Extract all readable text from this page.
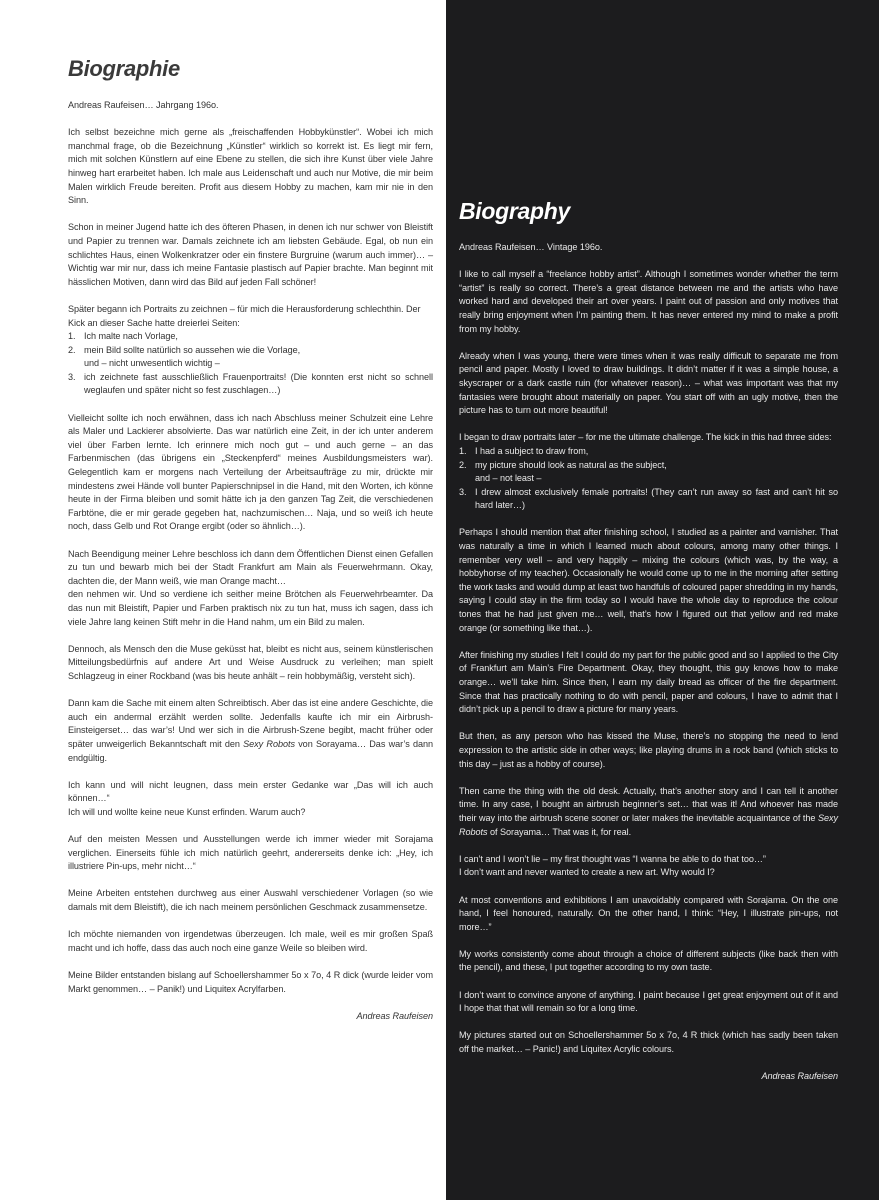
Biographie

Andreas Raufeisen… Jahrgang 196o.

Ich selbst bezeichne mich gerne als „freischaffenden Hobbykünstler“. Wobei ich mich manchmal frage, ob die Bezeichnung „Künstler“ wirklich so korrekt ist. Es liegt mir fern, mich mit solchen Künstlern auf eine Ebene zu stellen, die sich ihre Kunst über viele Jahre hinweg hart erarbeitet haben. Ich male aus Leidenschaft und auch nur Motive, die mir beim Malen wirklich Freude bereiten. Profit aus diesem Hobby zu machen, kam mir nie in den Sinn.

Schon in meiner Jugend hatte ich des öfteren Phasen, in denen ich nur schwer von Bleistift und Papier zu trennen war. Damals zeichnete ich am liebsten Gebäude. Egal, ob nun ein schlichtes Haus, einen Wolkenkratzer oder ein finstere Burgruine (warum auch immer)… – Wichtig war mir nur, dass ich meine Fantasie plastisch auf Papier brachte. Man beginnt mit hässlichen Motiven, dann wird das Bild auf jeden Fall schöner!

Später begann ich Portraits zu zeichnen – für mich die Herausforderung schlechthin. Der Kick an dieser Sache hatte dreierlei Seiten:

1. Ich malte nach Vorlage,
2. mein Bild sollte natürlich so aussehen wie die Vorlage,
und – nicht unwesentlich wichtig –
3. ich zeichnete fast ausschließlich Frauenportraits! (Die konnten erst nicht so schnell weglaufen und später nicht so fest zuschlagen…)

Vielleicht sollte ich noch erwähnen, dass ich nach Abschluss meiner Schulzeit eine Lehre als Maler und Lackierer absolvierte. Das war natürlich eine Zeit, in der ich unter anderem viel über Farben lernte. Ich erinnere mich noch gut – und auch gerne – an das Farbenmischen (das übrigens ein „Steckenpferd“ meines Ausbildungsmeisters war). Gelegentlich kam er morgens nach Verteilung der Arbeitsaufträge zu mir, drückte mir mindestens zwei Hände voll bunter Papierschnipsel in die Hand, mit den Worten, ich könne heute in der Firma bleiben und somit hätte ich ja den ganzen Tag Zeit, die verschiedenen Farbtöne, die er mir gerade gegeben hat, nachzumischen… Naja, und so weiß ich heute noch, dass Gelb und Rot Orange ergibt (oder so ähnlich…).

Nach Beendigung meiner Lehre beschloss ich dann dem Öffentlichen Dienst einen Gefallen zu tun und bewarb mich bei der Stadt Frankfurt am Main als Feuerwehrmann. Okay, dachten die, der Mann weiß, wie man Orange macht…
den nehmen wir. Und so verdiene ich seither meine Brötchen als Feuerwehrbeamter. Da das nun mit Bleistift, Papier und Farben praktisch nix zu tun hat, muss ich sagen, dass ich viele Jahre lang keinen Stift mehr in die Hand nahm, um ein Bild zu malen.

Dennoch, als Mensch den die Muse geküsst hat, bleibt es nicht aus, seinem künstlerischen Mitteilungsbedürfnis auf andere Art und Weise Ausdruck zu verleihen; man spielt Schlagzeug in einer Rockband (was bis heute anhält – rein hobbymäßig, versteht sich).

Dann kam die Sache mit einem alten Schreibtisch. Aber das ist eine andere Geschichte, die auch ein andermal erzählt werden sollte. Jedenfalls kaufte ich mir ein Airbrush-Einsteigerset… das war’s! Und wer sich in die Airbrush-Szene begibt, macht früher oder später unweigerlich Bekanntschaft mit den Sexy Robots von Sorayama… Das war’s dann endgültig.

Ich kann und will nicht leugnen, dass mein erster Gedanke war „Das will ich auch können…“
Ich will und wollte keine neue Kunst erfinden. Warum auch?

Auf den meisten Messen und Ausstellungen werde ich immer wieder mit Sorajama verglichen. Einerseits fühle ich mich natürlich geehrt, andererseits denke ich: „Hey, ich illustriere Pin-ups, mehr nicht…“

Meine Arbeiten entstehen durchweg aus einer Auswahl verschiedener Vorlagen (so wie damals mit dem Bleistift), die ich nach meinem persönlichen Geschmack zusammensetze.

Ich möchte niemanden von irgendetwas überzeugen. Ich male, weil es mir großen Spaß macht und ich hoffe, dass das auch noch eine ganze Weile so bleiben wird.

Meine Bilder entstanden bislang auf Schoellershammer 5o x 7o, 4 R dick (wurde leider vom Markt genommen… – Panik!) und Liquitex Acrylfarben.

Andreas Raufeisen
Biography

Andreas Raufeisen… Vintage 196o.

I like to call myself a “freelance hobby artist”. Although I sometimes wonder whether the term “artist” is really so correct. There’s a great distance between me and the artists who have worked hard and developed their art over years. I paint out of passion and only motives that really bring enjoyment when I’m painting them. It has never entered my mind to make a profit from my hobby.

Already when I was young, there were times when it was really difficult to separate me from pencil and paper. Mostly I loved to draw buildings. It didn’t matter if it was a simple house, a skyscraper or a dark castle ruin (for whatever reason)… – what was important was that my fantasies were brought about materially on paper. You start off with an ugly motive, then the picture has to turn out more beautiful!

I began to draw portraits later – for me the ultimate challenge. The kick in this had three sides:

1. I had a subject to draw from,
2. my picture should look as natural as the subject,
and – not least –
3. I drew almost exclusively female portraits! (They can’t run away so fast and can’t hit so hard later…)

Perhaps I should mention that after finishing school, I studied as a painter and varnisher. That was naturally a time in which I learned much about colours, among many other things. I remember very well – and very happily – mixing the colours (which was, by the way, a hobbyhorse of my teacher). Occasionally he would come up to me in the morning after setting the work tasks and would dump at least two handfuls of coloured paper shredding in my hands, saying I could stay in the firm today so I would have the whole day to reproduce the colour tones that he had just given me… well, that’s how I figured out that yellow and red make orange (or something like that…).

After finishing my studies I felt I could do my part for the public good and so I applied to the City of Frankfurt am Main’s Fire Department. Okay, they thought, this guy knows how to make orange… we’ll take him. Since then, I earn my daily bread as officer of the fire department. Since that has practically nothing to do with pencil, paper and colours, I have to admit that I didn’t pick up a pencil to draw a picture for many years.

But then, as any person who has kissed the Muse, there’s no stopping the need to lend expression to the artistic side in other ways; like playing drums in a rock band (which sticks to this day – just as a hobby of course).

Then came the thing with the old desk. Actually, that’s another story and I can tell it another time. In any case, I bought an airbrush beginner’s set… that was it! And whoever has made their way into the airbrush scene sooner or later makes the inevitable acquaintance of the Sexy Robots of Sorayama… That was it, for real.

I can’t and I won’t lie – my first thought was “I wanna be able to do that too…”
I don’t want and never wanted to create a new art. Why would I?

At most conventions and exhibitions I am unavoidably compared with Sorajama. On the one hand, I feel honoured, naturally. On the other hand, I think: “Hey, I illustrate pin-ups, not more…”

My works consistently come about through a choice of different subjects (like back then with the pencil), and these, I put together according to my own taste.

I don’t want to convince anyone of anything. I paint because I get great enjoyment out of it and I hope that that will remain so for a long time.

My pictures started out on Schoellershammer 5o x 7o, 4 R thick (which has sadly been taken off the market… – Panic!) and Liquitex Acrylic colours.

Andreas Raufeisen
